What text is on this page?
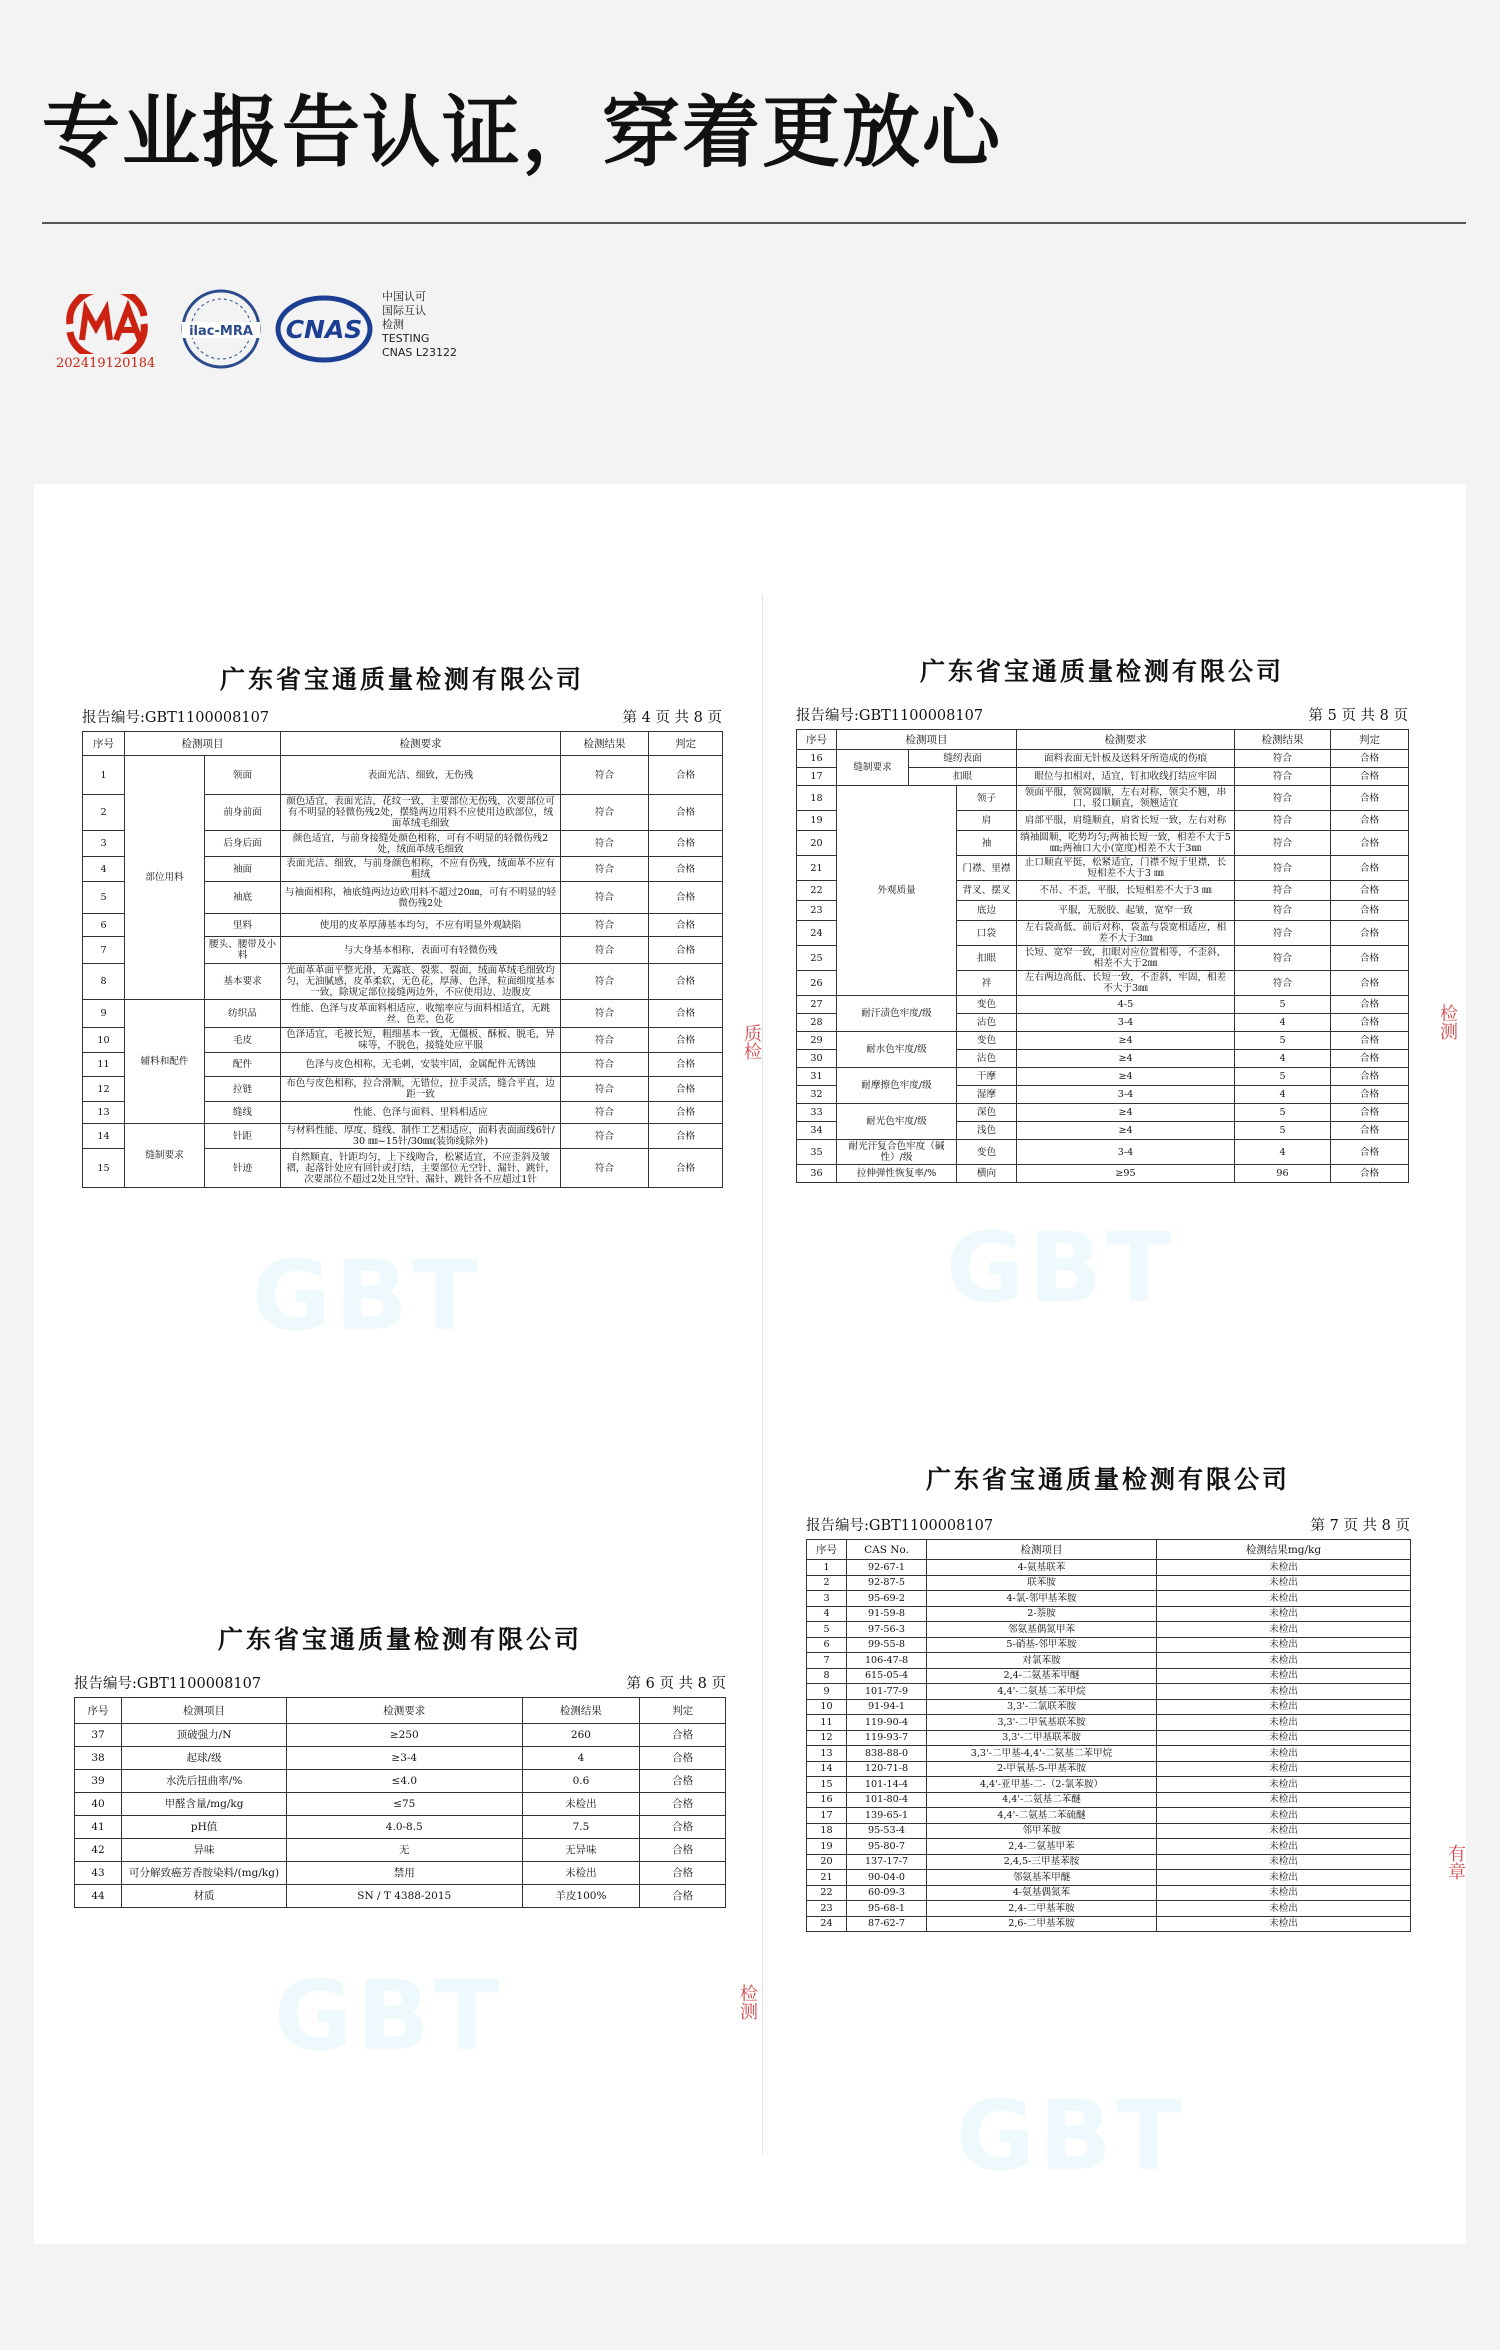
专业报告认证，穿着更放心
202419120184
ilac-MRA CNAS
中国认可
国际互认
检测
TESTING
CNAS L23122
广东省宝通质量检测有限公司
报告编号:GBT1100008107	第 4 页 共 8 页
序号	检测项目		检测要求	检测结果	判定
1	部位用料	领面	表面光洁、细致，无伤残	符合	合格
2		前身前面	颜色适宜，表面光洁，花纹一致，主要部位无伤残，次要部位可有不明显的轻微伤残2处，摆缝两边用料不应使用边欧部位，绒面革绒毛细致	符合	合格
3		后身后面	颜色适宜，与前身接缝处颜色相称，可有不明显的轻微伤残2处，绒面革绒毛细致	符合	合格
4		袖面	表面光洁、细致，与前身颜色相称，不应有伤残，绒面革不应有粗绒	符合	合格
5		袖底	与袖面相称，袖底缝两边边欧用料不超过20㎜，可有不明显的轻微伤残2处	符合	合格
6		里料	使用的皮革厚薄基本均匀，不应有明显外观缺陷	符合	合格
7		腰头、腰带及小料	与大身基本相称，表面可有轻微伤残	符合	合格
8		基本要求	光面革革面平整光滑，无露底、裂浆、裂面，绒面革绒毛细致均匀，无油腻感，皮革柔软，无色花，厚薄、色泽，粒面细度基本一致，除规定部位接缝两边外，不应使用边、边腹皮	符合	合格
9	辅料和配件	纺织品	性能、色泽与皮革面料相适应，收缩率应与面料相适宜，无跳丝、色差、色花	符合	合格
10		毛皮	色泽适宜，毛被长短，粗细基本一致，无僵板、酥板、脱毛，异味等，不脱色，接缝处应平服	符合	合格
11		配件	色泽与皮色相称，无毛刺，安装牢固，金属配件无锈蚀	符合	合格
12		拉链	布色与皮色相称，拉合滑顺，无错位，拉手灵活，缝合平直，边距一致	符合	合格
13		缝线	性能、色泽与面料、里料相适应	符合	合格
14	缝制要求	针距	与材料性能、厚度、缝线、制作工艺相适应，面料表面面线6针/30 ㎜~15针/30㎜(装饰线除外)	符合	合格
15		针迹	自然顺直，针距均匀，上下线吻合，松紧适宜，不应歪斜及皱褶，起落针处应有回针或打结，主要部位无空针、漏针、跳针，次要部位不超过2处且空针、漏针、跳针各不应超过1针	符合	合格
GBT
质检
广东省宝通质量检测有限公司
报告编号:GBT1100008107	第 5 页 共 8 页
序号	检测项目			检测要求	检测结果	判定
16	缝制要求	缝纫表面		面料表面无针板及送料牙所造成的伤痕	符合	合格
17		扣眼		眼位与扣相对，适宜，钉扣收线打结应牢固	符合	合格
18	外观质量		领子	领面平服，领窝圆顺，左右对称，领尖不翘，串口、驳口顺直，领翘适宜	符合	合格
19			肩	肩部平服，肩缝顺直，肩省长短一致，左右对称	符合	合格
20			袖	绱袖圆顺，吃势均匀;两袖长短一致，相差不大于5㎜;两袖口大小(宽度)相差不大于3㎜	符合	合格
21			门襟、里襟	止口顺直平挺，松紧适宜，门襟不短于里襟，长短相差不大于3 ㎜	符合	合格
22			背叉、摆叉	不吊、不歪，平服，长短相差不大于3 ㎜	符合	合格
23			底边	平服，无脱胶、起皱，宽窄一致	符合	合格
24			口袋	左右袋高低、前后对称，袋盖与袋宽相适应，相差不大于3㎜	符合	合格
25			扣眼	长短、宽窄一致，扣眼对应位置相等，不歪斜，相差不大于2㎜	符合	合格
26			袢	左右两边高低、长短一致，不歪斜，牢固，相差不大于3㎜	符合	合格
27	耐汗渍色牢度/级		变色	4-5	5	合格
28			沾色	3-4	4	合格
29	耐水色牢度/级		变色	≥4	5	合格
30			沾色	≥4	4	合格
31	耐摩擦色牢度/级		干摩	≥4	5	合格
32			湿摩	3-4	4	合格
33	耐光色牢度/级		深色	≥4	5	合格
34			浅色	≥4	5	合格
35	耐光汗复合色牢度（碱性）/级		变色	3-4	4	合格
36	拉伸弹性恢复率/%		横向	≥95	96	合格
GBT
检测
广东省宝通质量检测有限公司
报告编号:GBT1100008107	第 6 页 共 8 页
序号	检测项目	检测要求	检测结果	判定
37	顶破强力/N	≥250	260	合格
38	起球/级	≥3-4	4	合格
39	水洗后扭曲率/%	≤4.0	0.6	合格
40	甲醛含量/mg/kg	≤75	未检出	合格
41	pH值	4.0-8.5	7.5	合格
42	异味	无	无异味	合格
43	可分解致癌芳香胺染料/(mg/kg)	禁用	未检出	合格
44	材质	SN / T 4388-2015	羊皮100%	合格
GBT	检测
广东省宝通质量检测有限公司
报告编号:GBT1100008107	第 7 页 共 8 页
序号	CAS No.	检测项目	检测结果mg/kg
1	92-67-1	4-氨基联苯	未检出
2	92-87-5	联苯胺	未检出
3	95-69-2	4-氯-邻甲基苯胺	未检出
4	91-59-8	2-萘胺	未检出
5	97-56-3	邻氨基偶氮甲苯	未检出
6	99-55-8	5-硝基-邻甲苯胺	未检出
7	106-47-8	对氯苯胺	未检出
8	615-05-4	2,4-二氨基苯甲醚	未检出
9	101-77-9	4,4'-二氨基二苯甲烷	未检出
10	91-94-1	3,3'-二氯联苯胺	未检出
11	119-90-4	3,3'-二甲氧基联苯胺	未检出
12	119-93-7	3,3'-二甲基联苯胺	未检出
13	838-88-0	3,3'-二甲基-4,4'-二氨基二苯甲烷	未检出
14	120-71-8	2-甲氧基-5-甲基苯胺	未检出
15	101-14-4	4,4'-亚甲基-二-（2-氯苯胺）	未检出
16	101-80-4	4,4'-二氨基二苯醚	未检出
17	139-65-1	4,4'-二氨基二苯硫醚	未检出
18	95-53-4	邻甲苯胺	未检出
19	95-80-7	2,4-二氨基甲苯	未检出
20	137-17-7	2,4,5-三甲基苯胺	未检出
21	90-04-0	邻氨基苯甲醚	未检出
22	60-09-3	4-氨基偶氮苯	未检出
23	95-68-1	2,4-二甲基苯胺	未检出
24	87-62-7	2,6-二甲基苯胺	未检出
GBT
有章
